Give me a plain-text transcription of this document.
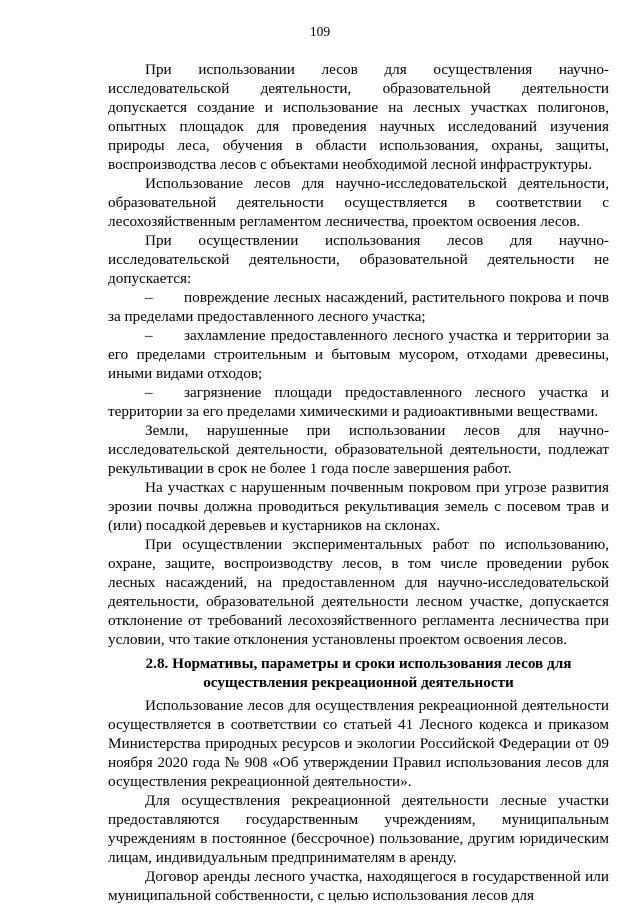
109

При использовании лесов для осуществления научно-исследовательской деятельности, образовательной деятельности допускается создание и использование на лесных участках полигонов, опытных площадок для проведения научных исследований изучения природы леса, обучения в области использования, охраны, защиты, воспроизводства лесов с объектами необходимой лесной инфраструктуры.

Использование лесов для научно-исследовательской деятельности, образовательной деятельности осуществляется в соответствии с лесохозяйственным регламентом лесничества, проектом освоения лесов.

При осуществлении использования лесов для научно-исследовательской деятельности, образовательной деятельности не допускается:

– повреждение лесных насаждений, растительного покрова и почв за пределами предоставленного лесного участка;

– захламление предоставленного лесного участка и территории за его пределами строительным и бытовым мусором, отходами древесины, иными видами отходов;

– загрязнение площади предоставленного лесного участка и территории за его пределами химическими и радиоактивными веществами.

Земли, нарушенные при использовании лесов для научно-исследовательской деятельности, образовательной деятельности, подлежат рекультивации в срок не более 1 года после завершения работ.

На участках с нарушенным почвенным покровом при угрозе развития эрозии почвы должна проводиться рекультивация земель с посевом трав и (или) посадкой деревьев и кустарников на склонах.

При осуществлении экспериментальных работ по использованию, охране, защите, воспроизводству лесов, в том числе проведении рубок лесных насаждений, на предоставленном для научно-исследовательской деятельности, образовательной деятельности лесном участке, допускается отклонение от требований лесохозяйственного регламента лесничества при условии, что такие отклонения установлены проектом освоения лесов.

2.8. Нормативы, параметры и сроки использования лесов для осуществления рекреационной деятельности

Использование лесов для осуществления рекреационной деятельности осуществляется в соответствии со статьей 41 Лесного кодекса и приказом Министерства природных ресурсов и экологии Российской Федерации от 09 ноября 2020 года № 908 «Об утверждении Правил использования лесов для осуществления рекреационной деятельности».

Для осуществления рекреационной деятельности лесные участки предоставляются государственным учреждениям, муниципальным учреждениям в постоянное (бессрочное) пользование, другим юридическим лицам, индивидуальным предпринимателям в аренду.

Договор аренды лесного участка, находящегося в государственной или муниципальной собственности, с целью использования лесов для
